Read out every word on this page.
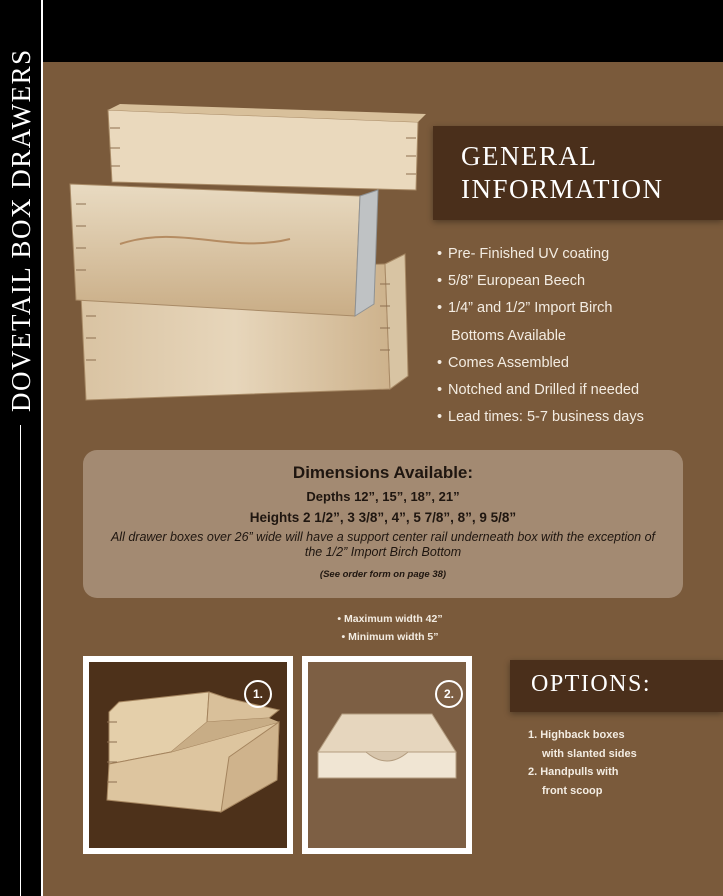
DOVETAIL BOX DRAWERS	GENERAL
INFORMATION
• Pre- Finished UV coating
• 5/8” European Beech
• 1/4” and 1/2” Import Birch
Bottoms Available
• Comes Assembled
• Notched and Drilled if needed
• Lead times: 5-7 business days
Dimensions Available:
Depths 12”, 15”, 18”, 21”
Heights 2 1/2”, 3 3/8”, 4”, 5 7/8”, 8”, 9 5/8”
All drawer boxes over 26” wide will have a support center rail underneath box with the exception of the 1/2” Import Birch Bottom
(See order form on page 38)
• Maximum width 42”
• Minimum width 5”
1.	2.	OPTIONS:
1. Highback boxes
with slanted sides
2. Handpulls with
front scoop
